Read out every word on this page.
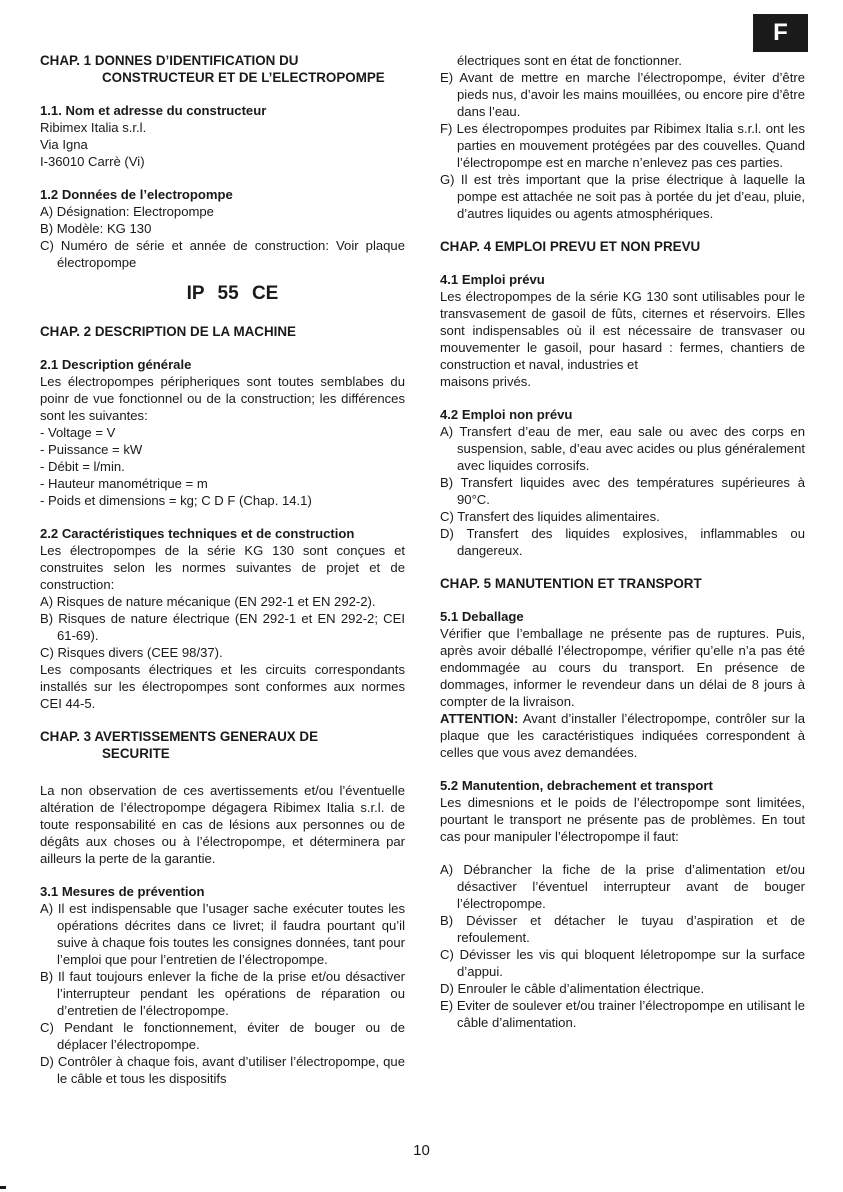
F

CHAP. 1 DONNES D’IDENTIFICATION DU
CONSTRUCTEUR ET DE L’ELECTROPOMPE

1.1. Nom et adresse du constructeur

Ribimex Italia s.r.l.

Via Igna

I-36010 Carrè (Vi)

1.2 Données de l’electropompe

A) Désignation: Electropompe

B) Modèle: KG 130

C) Numéro de série et année de construction: Voir plaque électropompe

IP 55 CE

CHAP. 2 DESCRIPTION DE LA MACHINE

2.1 Description générale

Les électropompes péripheriques sont toutes semblabes du poinr de vue fonctionnel ou de la construction; les différences sont les suivantes:

- Voltage = V

- Puissance = kW

- Débit = l/min.

- Hauteur manométrique = m

- Poids et dimensions = kg; C D F (Chap. 14.1)

2.2 Caractéristiques techniques et de construction

Les électropompes de la série KG 130 sont conçues et construites selon les normes suivantes de projet et de construction:

A) Risques de nature mécanique (EN 292-1 et EN 292-2).

B) Risques de nature électrique (EN 292-1 et EN 292-2; CEI 61-69).

C) Risques divers (CEE 98/37).

Les composants électriques et les circuits correspondants installés sur les électropompes sont conformes aux normes CEI 44-5.

CHAP. 3 AVERTISSEMENTS GENERAUX DE
SECURITE

La non observation de ces avertissements et/ou l’éventuelle altération de l’électropompe dégagera Ribimex Italia s.r.l. de toute responsabilité en cas de lésions aux personnes ou de dégâts aux choses ou à l’électropompe, et déterminera par ailleurs la perte de la garantie.

3.1 Mesures de prévention

A) Il est indispensable que l’usager sache exécuter toutes les opérations décrites dans ce livret; il faudra pourtant qu’il suive à chaque fois toutes les consignes données, tant pour l’emploi que pour l’entretien de l’électropompe.

B) Il faut toujours enlever la fiche de la prise et/ou désactiver l’interrupteur pendant les opérations de réparation ou d’entretien de l’électropompe.

C) Pendant le fonctionnement, éviter de bouger ou de déplacer l’électropompe.

D) Contrôler à chaque fois, avant d’utiliser l’électropompe, que le câble et tous les dispositifs

électriques sont en état de fonctionner.

E) Avant de mettre en marche l’électropompe, éviter d’être pieds nus, d’avoir les mains mouillées, ou encore pire d’être dans l’eau.

F) Les électropompes produites par Ribimex Italia s.r.l. ont les parties en mouvement protégées par des couvelles. Quand l’électropompe est en marche n’enlevez pas ces parties.

G) Il est très important que la prise électrique à laquelle la pompe est attachée ne soit pas à portée du jet d’eau, pluie, d’autres liquides ou agents atmosphériques.

CHAP. 4 EMPLOI PREVU ET NON PREVU

4.1 Emploi prévu

Les électropompes de la série KG 130 sont utilisables pour le transvasement de gasoil de fûts, citernes et réservoirs. Elles sont indispensables où il est nécessaire de transvaser ou mouvementer le gasoil, pour hasard : fermes, chantiers de construction et naval, industries et

maisons privés.

4.2 Emploi non prévu

A) Transfert d’eau de mer, eau sale ou avec des corps en suspension, sable, d’eau avec acides ou plus généralement avec liquides corrosifs.

B) Transfert liquides avec des températures supérieures à 90°C.

C) Transfert des liquides alimentaires.

D) Transfert des liquides explosives, inflammables ou dangereux.

CHAP. 5 MANUTENTION ET TRANSPORT

5.1 Deballage

Vérifier que l’emballage ne présente pas de ruptures. Puis, après avoir déballé l’électropompe, vérifier qu’elle n’a pas été endommagée au cours du transport. En présence de dommages, informer le revendeur dans un délai de 8 jours à compter de la livraison.

ATTENTION: Avant d’installer l’électropompe, contrôler sur la plaque que les caractéristiques indiquées correspondent à celles que vous avez demandées.

5.2 Manutention, debrachement et transport

Les dimesnions et le poids de l’électropompe sont limitées, pourtant le transport ne présente pas de problèmes. En tout cas pour manipuler l’électropompe il faut:

A) Débrancher la fiche de la prise d’alimentation et/ou désactiver l’éventuel interrupteur avant de bouger l’électropompe.

B) Dévisser et détacher le tuyau d’aspiration et de refoulement.

C) Dévisser les vis qui bloquent léletropompe sur la surface d’appui.

D) Enrouler le câble d’alimentation électrique.

E) Eviter de soulever et/ou trainer l’électropompe en utilisant le câble d’alimentation.

10
